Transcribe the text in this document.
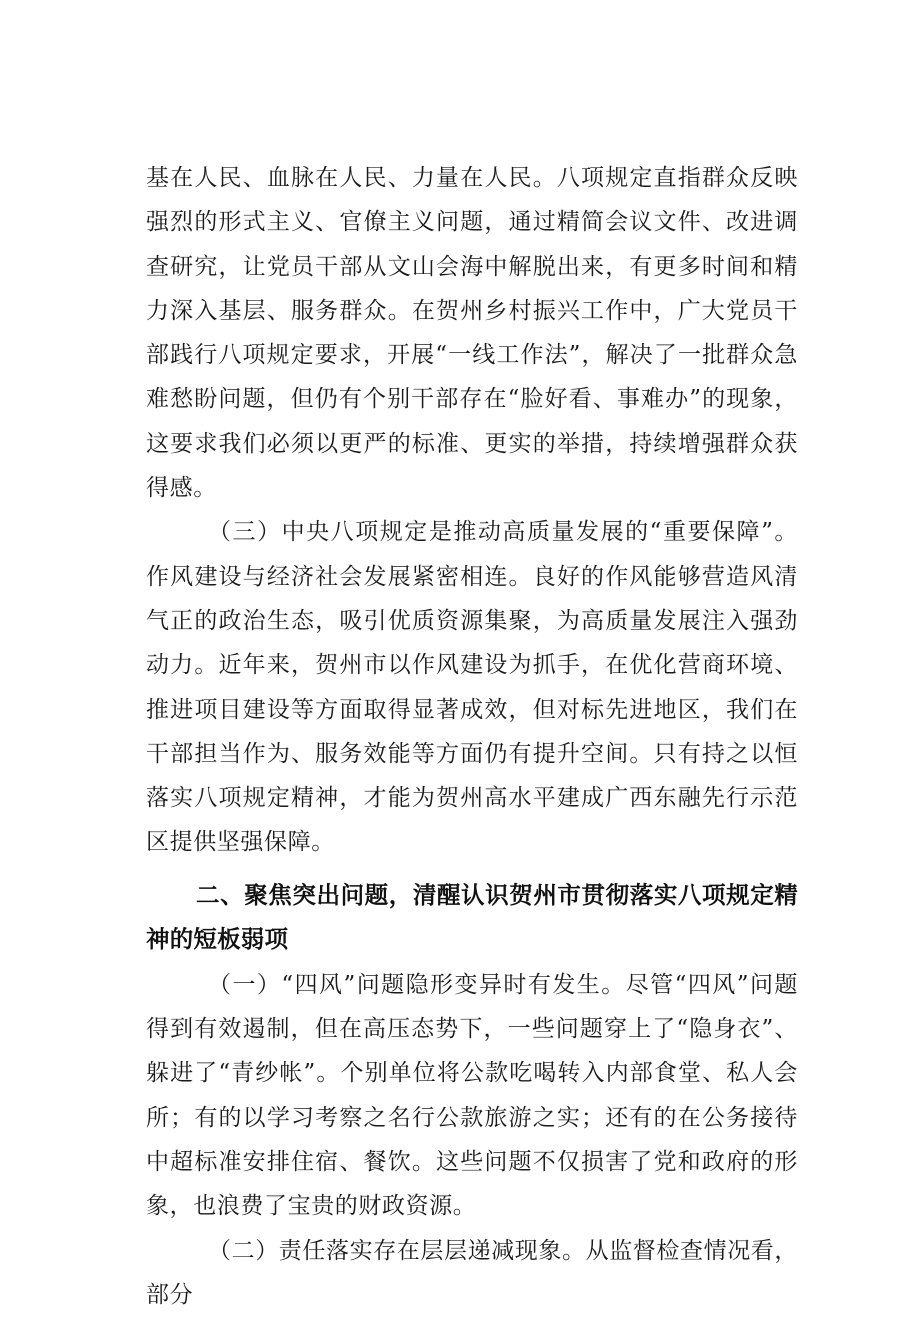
基在人民、血脉在人民、力量在人民。八项规定直指群众反映强烈的形式主义、官僚主义问题，通过精简会议文件、改进调查研究，让党员干部从文山会海中解脱出来，有更多时间和精力深入基层、服务群众。在贺州乡村振兴工作中，广大党员干部践行八项规定要求，开展“一线工作法”，解决了一批群众急难愁盼问题，但仍有个别干部存在“脸好看、事难办”的现象，这要求我们必须以更严的标准、更实的举措，持续增强群众获得感。

（三）中央八项规定是推动高质量发展的“重要保障”。作风建设与经济社会发展紧密相连。良好的作风能够营造风清气正的政治生态，吸引优质资源集聚，为高质量发展注入强劲动力。近年来，贺州市以作风建设为抓手，在优化营商环境、推进项目建设等方面取得显著成效，但对标先进地区，我们在干部担当作为、服务效能等方面仍有提升空间。只有持之以恒落实八项规定精神，才能为贺州高水平建成广西东融先行示范区提供坚强保障。

二、聚焦突出问题，清醒认识贺州市贯彻落实八项规定精神的短板弱项

（一）“四风”问题隐形变异时有发生。尽管“四风”问题得到有效遏制，但在高压态势下，一些问题穿上了“隐身衣”、躲进了“青纱帐”。个别单位将公款吃喝转入内部食堂、私人会所；有的以学习考察之名行公款旅游之实；还有的在公务接待中超标准安排住宿、餐饮。这些问题不仅损害了党和政府的形象，也浪费了宝贵的财政资源。

（二）责任落实存在层层递减现象。从监督检查情况看，部分
